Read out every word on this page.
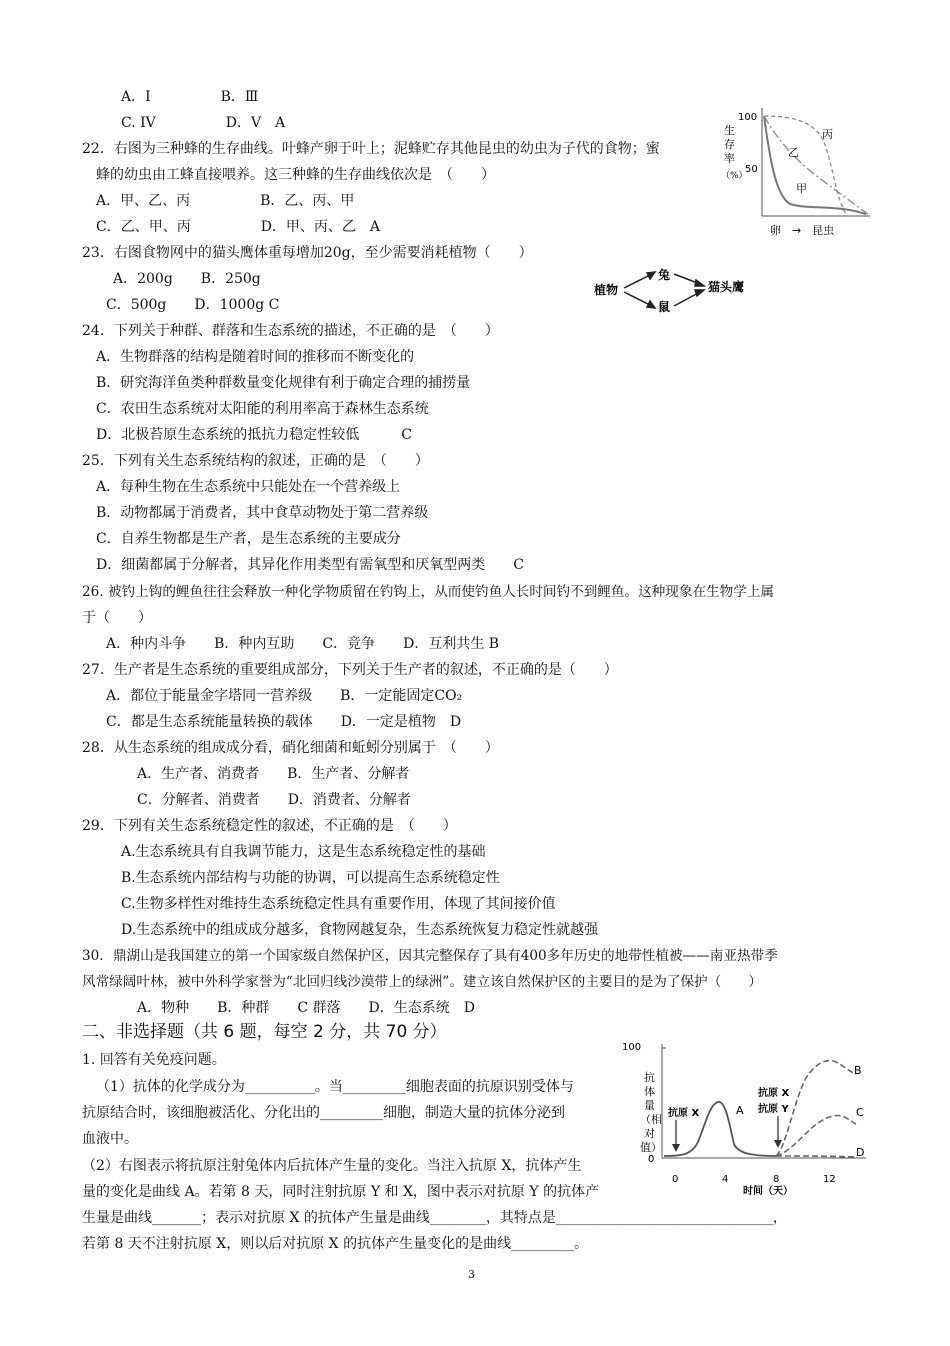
A．I　　　　　B．Ⅲ
C. IV　　　　　D．V　A
22．右图为三种蜂的生存曲线。叶蜂产卵于叶上；泥蜂贮存其他昆虫的幼虫为子代的食物；蜜
蜂的幼虫由工蜂直接喂养。这三种蜂的生存曲线依次是　（　　）
A．甲、乙、丙　　　　　B．乙、丙、甲
C．乙、甲、丙　　　　　D．甲、丙、乙　A
23．右图食物网中的猫头鹰体重每增加20g，至少需要消耗植物（　　）
A．200g　　B．250g
C．500g　　D．1000g C
24．下列关于种群、群落和生态系统的描述，不正确的是　（　　）
A．生物群落的结构是随着时间的推移而不断变化的
B．研究海洋鱼类种群数量变化规律有利于确定合理的捕捞量
C．农田生态系统对太阳能的利用率高于森林生态系统
D．北极苔原生态系统的抵抗力稳定性较低　　　C
25．下列有关生态系统结构的叙述，正确的是　（　　）
A．每种生物在生态系统中只能处在一个营养级上
B．动物都属于消费者，其中食草动物处于第二营养级
C．自养生物都是生产者，是生态系统的主要成分
D．细菌都属于分解者，其异化作用类型有需氧型和厌氧型两类　　C
26. 被钓上钩的鲤鱼往往会释放一种化学物质留在钓钩上，从而使钓鱼人长时间钓不到鲤鱼。这种现象在生物学上属
于（　　）
A．种内斗争　　B．种内互助　　C．竞争　　D．互利共生 B
27．生产者是生态系统的重要组成部分，下列关于生产者的叙述，不正确的是（　　）
A．都位于能量金字塔同一营养级　　B．一定能固定CO₂
C．都是生态系统能量转换的载体　　D．一定是植物　D
28．从生态系统的组成成分看，硝化细菌和蚯蚓分别属于　（　　）
A．生产者、消费者　　B．生产者、分解者
C．分解者、消费者　　D．消费者、分解者
29．下列有关生态系统稳定性的叙述，不正确的是　（　　）
A.生态系统具有自我调节能力，这是生态系统稳定性的基础
B.生态系统内部结构与功能的协调，可以提高生态系统稳定性
C.生物多样性对维持生态系统稳定性具有重要作用，体现了其间接价值
D.生态系统中的组成成分越多，食物网越复杂，生态系统恢复力稳定性就越强
30．鼎湖山是我国建立的第一个国家级自然保护区，因其完整保存了具有400多年历史的地带性植被——南亚热带季
风常绿阔叶林，被中外科学家誉为“北回归线沙漠带上的绿洲”。建立该自然保护区的主要目的是为了保护（　　）
A．物种　　B．种群　　C 群落　　D．生态系统　D
二、非选择题（共 6 题，每空 2 分，共 70 分）
1. 回答有关免疫问题。
（1）抗体的化学成分为__________。当_________细胞表面的抗原识别受体与
抗原结合时，该细胞被活化、分化出的_________细胞，制造大量的抗体分泌到
血液中。
（2）右图表示将抗原注射兔体内后抗体产生量的变化。当注入抗原 X，抗体产生
量的变化是曲线 A。若第 8 天，同时注射抗原 Y 和 X，图中表示对抗原 Y 的抗体产
生量是曲线_______；表示对抗原 X 的抗体产生量是曲线________，其特点是_______________________________，
若第 8 天不注射抗原 X，则以后对抗原 X 的抗体产生量变化的是曲线_________。
生
存
率
（%）
100
50
丙
乙
甲
卵　→　昆虫
植物
兔
鼠
猫头鹰
100
0
抗
体
量
（相
对
值）
0	4	8	12
时间（天）
抗原 X
抗原 X
抗原 Y
A
B
C
D
3
